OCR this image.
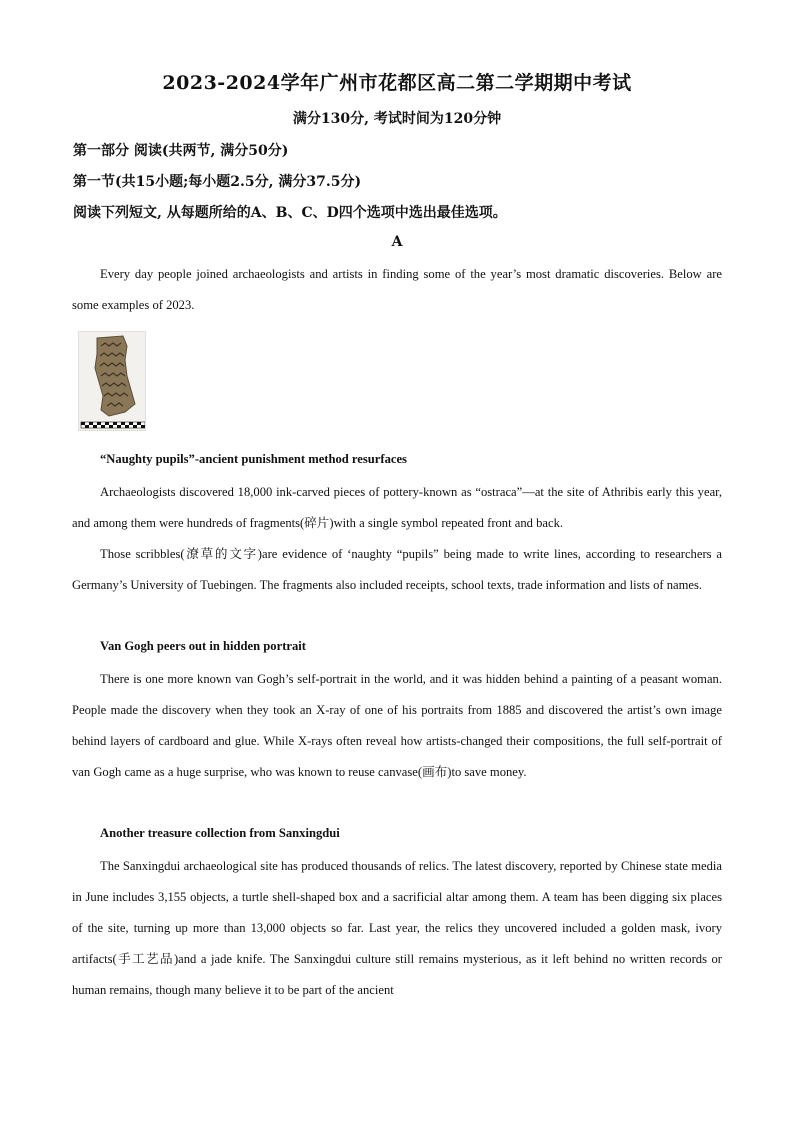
2023-2024学年广州市花都区高二第二学期期中考试
满分130分, 考试时间为120分钟
第一部分 阅读(共两节, 满分50分)
第一节(共15小题;每小题2.5分, 满分37.5分)
阅读下列短文, 从每题所给的A、B、C、D四个选项中选出最佳选项。
A
Every day people joined archaeologists and artists in finding some of the year’s most dramatic discoveries. Below are some examples of 2023.
“Naughty pupils”-ancient punishment method resurfaces
Archaeologists discovered 18,000 ink-carved pieces of pottery-known as “ostraca”—at the site of Athribis early this year, and among them were hundreds of fragments(碎片)with a single symbol repeated front and back.
Those scribbles(潦草的文字)are evidence of ‘naughty “pupils” being made to write lines, according to researchers a Germany’s University of Tuebingen. The fragments also included receipts, school texts, trade information and lists of names.
Van Gogh peers out in hidden portrait
There is one more known van Gogh’s self-portrait in the world, and it was hidden behind a painting of a peasant woman. People made the discovery when they took an X-ray of one of his portraits from 1885 and discovered the artist’s own image behind layers of cardboard and glue. While X-rays often reveal how artists-changed their compositions, the full self-portrait of van Gogh came as a huge surprise, who was known to reuse canvase(画布)to save money.
Another treasure collection from Sanxingdui
The Sanxingdui archaeological site has produced thousands of relics. The latest discovery, reported by Chinese state media in June includes 3,155 objects, a turtle shell-shaped box and a sacrificial altar among them. A team has been digging six places of the site, turning up more than 13,000 objects so far. Last year, the relics they uncovered included a golden mask, ivory artifacts(手工艺品)and a jade knife. The Sanxingdui culture still remains mysterious, as it left behind no written records or human remains, though many believe it to be part of the ancient
